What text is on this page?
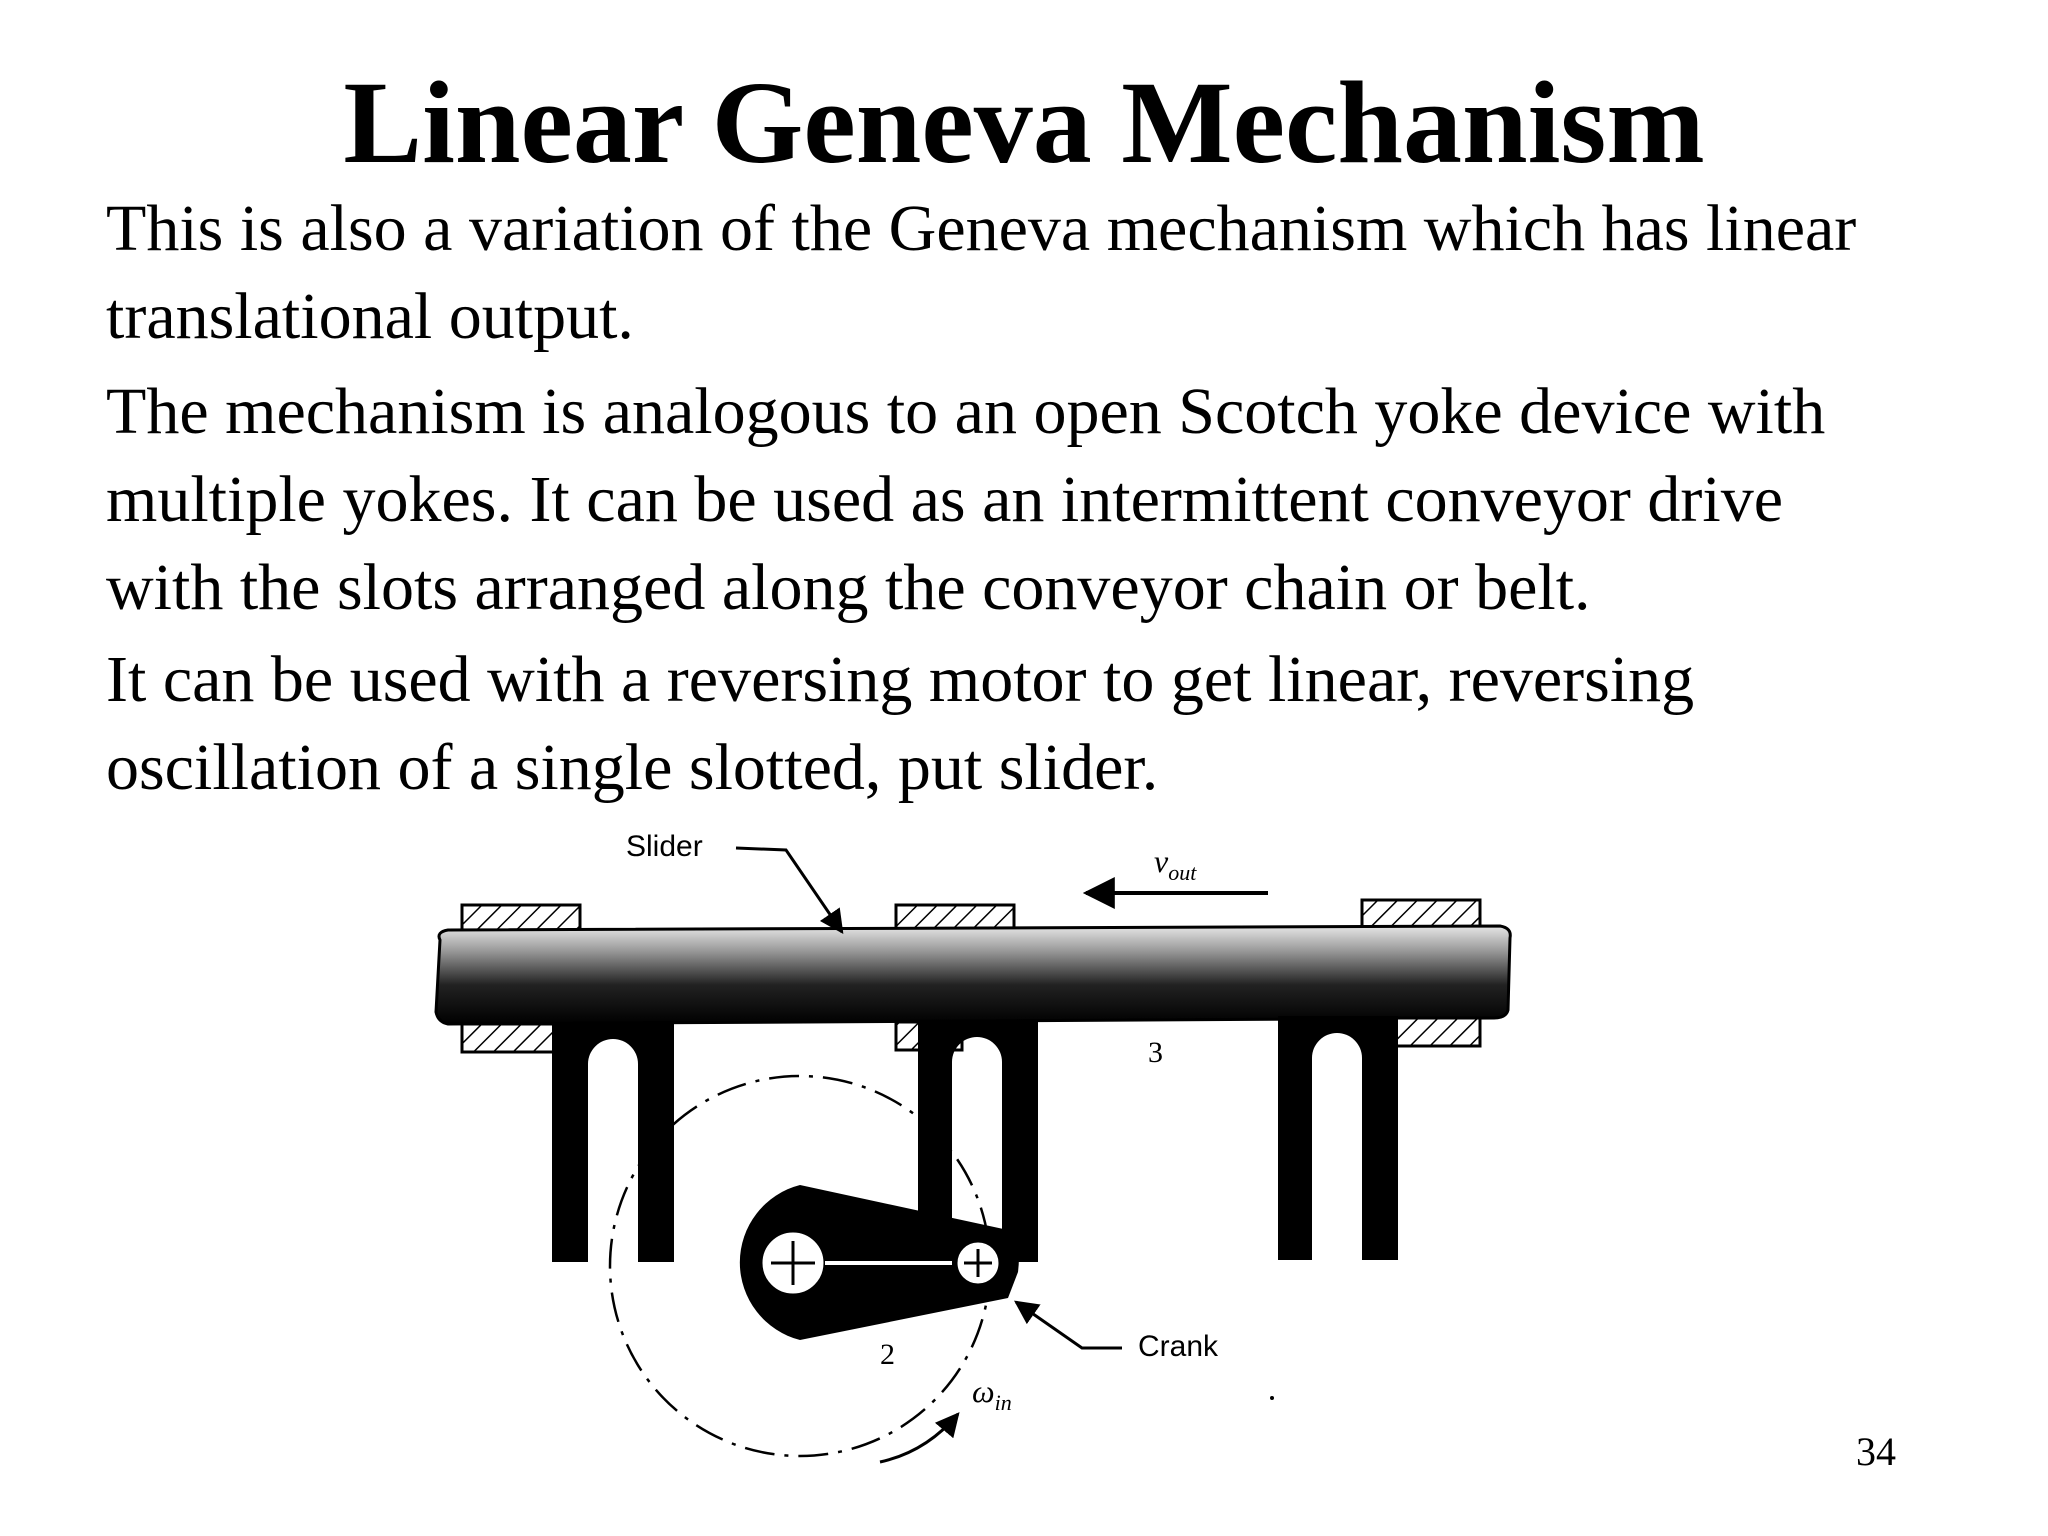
Linear Geneva Mechanism
This is also a variation of the Geneva mechanism which has linear
translational output.
The mechanism is analogous to an open Scotch yoke device with
multiple yokes. It can be used as an intermittent conveyor drive
with the slots arranged along the conveyor chain or belt.
It can be used with a reversing motor to get linear, reversing
oscillation of a single slotted, put slider.
Slider	$v_{out}$
3
2	Crank
$\omega_{in}$
34
